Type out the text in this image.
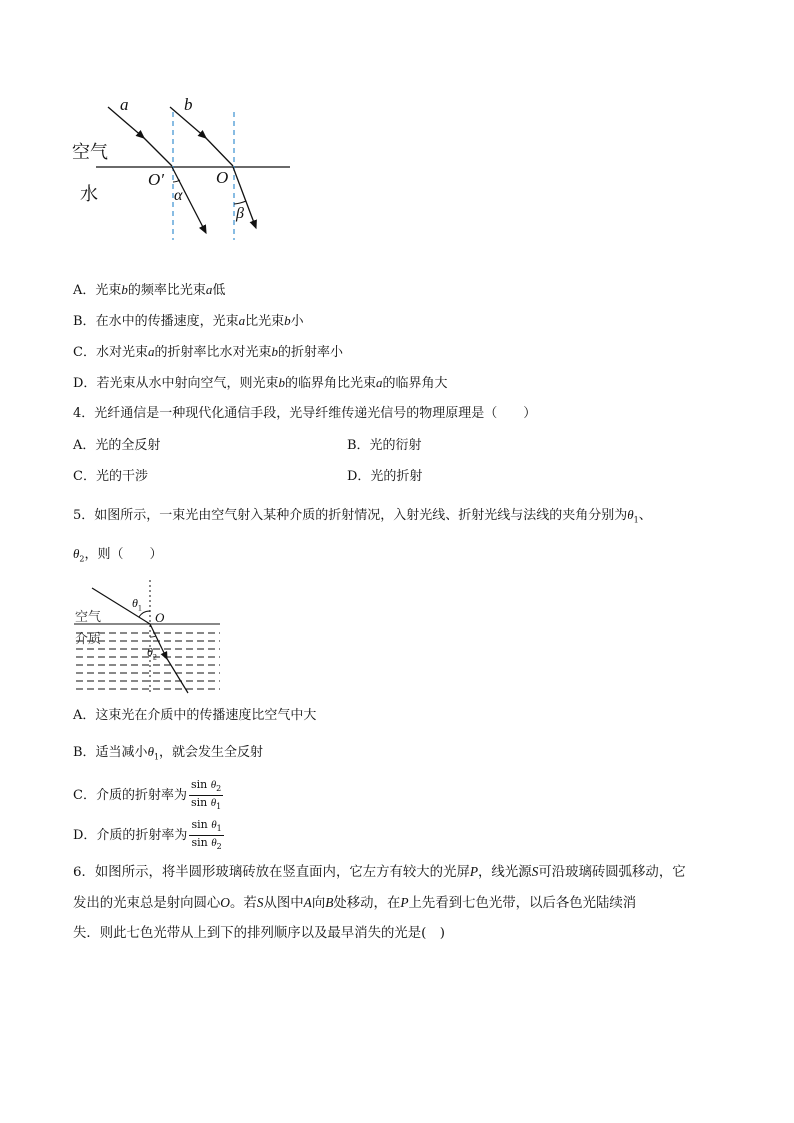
a	b
空气
水
O′	O
α
β
A．光束b的频率比光束a低
B．在水中的传播速度，光束a比光束b小
C．水对光束a的折射率比水对光束b的折射率小
D．若光束从水中射向空气，则光束b的临界角比光束a的临界角大
4．光纤通信是一种现代化通信手段，光导纤维传递光信号的物理原理是（　　）
A．光的全反射	B．光的衍射
C．光的干涉	D．光的折射
5．如图所示，一束光由空气射入某种介质的折射情况，入射光线、折射光线与法线的夹角分别为$\theta_1$、
$\theta_2$，则（　　）
空气
介质
O
$\theta_1$
$\theta_2$
A．这束光在介质中的传播速度比空气中大
B．适当减小$\theta_1$，就会发生全反射
C．介质的折射率为 $\frac{\sin \theta_2}{\sin \theta_1}$
D．介质的折射率为 $\frac{\sin \theta_1}{\sin \theta_2}$
6．如图所示，将半圆形玻璃砖放在竖直面内，它左方有较大的光屏P，线光源S可沿玻璃砖圆弧移动，它
发出的光束总是射向圆心O。若S从图中A向B处移动，在P上先看到七色光带，以后各色光陆续消
失．则此七色光带从上到下的排列顺序以及最早消失的光是(　)
